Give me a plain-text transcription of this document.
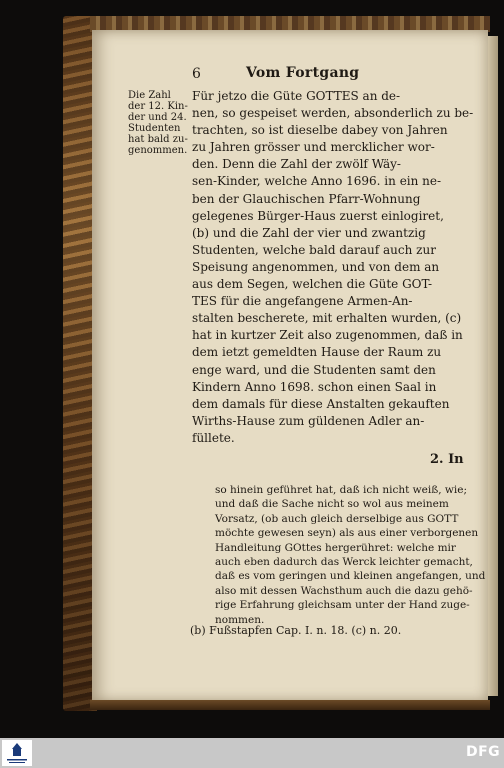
6	Vom Fortgang
Die Zahl
der 12. Kin-
der und 24.
Studenten
hat bald zu-
genommen.
Für jetzo die Güte GOTTES an de-
nen, so gespeiset werden, absonderlich zu be-
trachten, so ist dieselbe dabey von Jahren
zu Jahren grösser und mercklicher wor-
den. Denn die Zahl der zwölf Wäy-
sen-Kinder, welche Anno 1696. in ein ne-
ben der Glauchischen Pfarr-Wohnung
gelegenes Bürger-Haus zuerst einlogiret,
(b) und die Zahl der vier und zwantzig
Studenten, welche bald darauf auch zur
Speisung angenommen, und von dem an
aus dem Segen, welchen die Güte GOT-
TES für die angefangene Armen-An-
stalten bescherete, mit erhalten wurden, (c)
hat in kurtzer Zeit also zugenommen, daß in
dem ietzt gemeldten Hause der Raum zu
enge ward, und die Studenten samt den
Kindern Anno 1698. schon einen Saal in
dem damals für diese Anstalten gekauften
Wirths-Hause zum güldenen Adler an-
füllete.
2. In
so hinein geführet hat, daß ich nicht weiß, wie;
und daß die Sache nicht so wol aus meinem
Vorsatz, (ob auch gleich derselbige aus GOTT
möchte gewesen seyn) als aus einer verborgenen
Handleitung GOttes hergerühret: welche mir
auch eben dadurch das Werck leichter gemacht,
daß es vom geringen und kleinen angefangen, und
also mit dessen Wachsthum auch die dazu gehö-
rige Erfahrung gleichsam unter der Hand zuge-
nommen.
(b) Fußstapfen Cap. I. n. 18. (c) n. 20.
DFG
